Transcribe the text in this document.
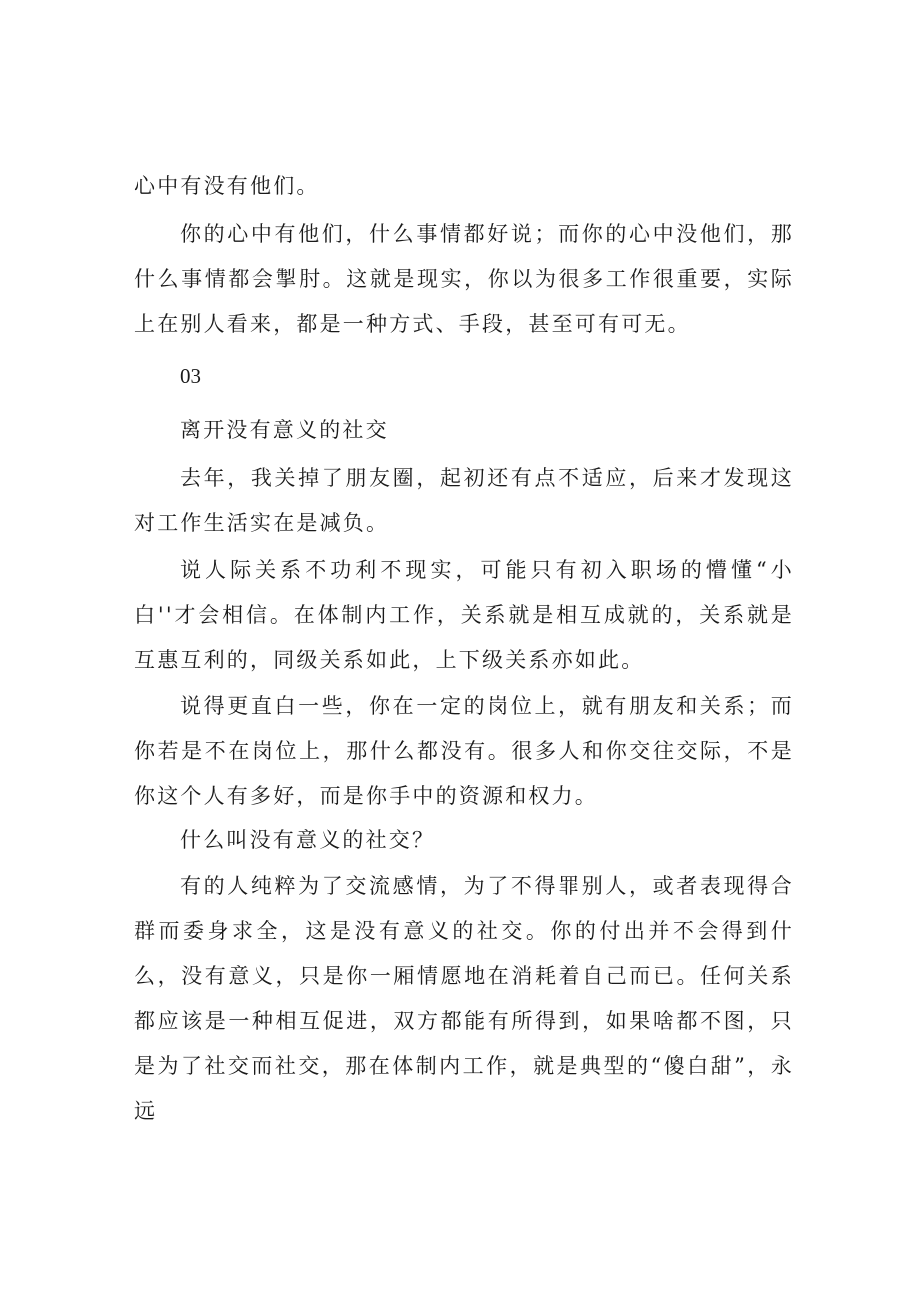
心中有没有他们。

你的心中有他们，什么事情都好说；而你的心中没他们，那什么事情都会掣肘。这就是现实，你以为很多工作很重要，实际上在别人看来，都是一种方式、手段，甚至可有可无。

03

离开没有意义的社交

去年，我关掉了朋友圈，起初还有点不适应，后来才发现这对工作生活实在是减负。

说人际关系不功利不现实，可能只有初入职场的懵懂“小白''才会相信。在体制内工作，关系就是相互成就的，关系就是互惠互利的，同级关系如此，上下级关系亦如此。

说得更直白一些，你在一定的岗位上，就有朋友和关系；而你若是不在岗位上，那什么都没有。很多人和你交往交际，不是你这个人有多好，而是你手中的资源和权力。

什么叫没有意义的社交？

有的人纯粹为了交流感情，为了不得罪别人，或者表现得合群而委身求全，这是没有意义的社交。你的付出并不会得到什么，没有意义，只是你一厢情愿地在消耗着自己而已。任何关系都应该是一种相互促进，双方都能有所得到，如果啥都不图，只是为了社交而社交，那在体制内工作，就是典型的“傻白甜”，永远
